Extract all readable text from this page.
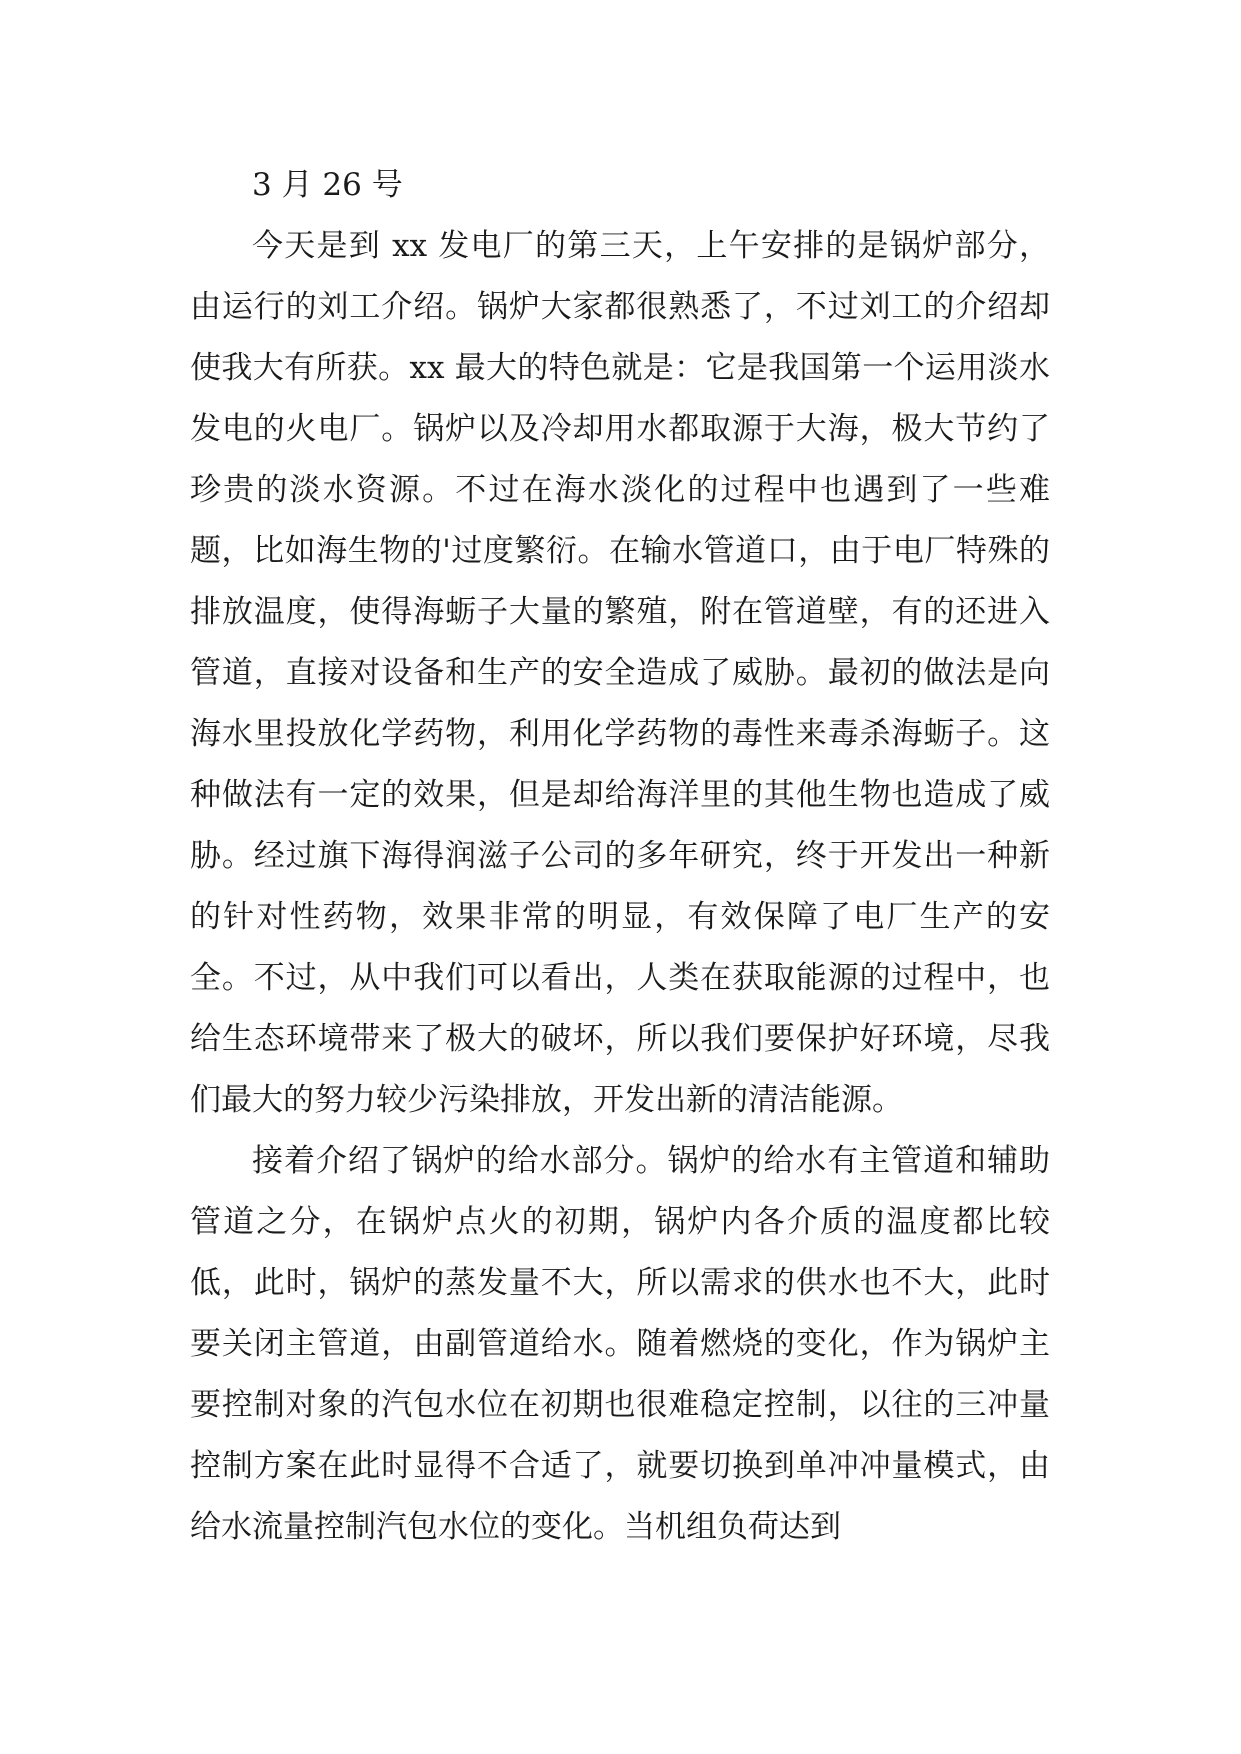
3 月 26 号

今天是到 xx 发电厂的第三天，上午安排的是锅炉部分，由运行的刘工介绍。锅炉大家都很熟悉了，不过刘工的介绍却使我大有所获。xx 最大的特色就是：它是我国第一个运用淡水发电的火电厂。锅炉以及冷却用水都取源于大海，极大节约了珍贵的淡水资源。不过在海水淡化的过程中也遇到了一些难题，比如海生物的'过度繁衍。在输水管道口，由于电厂特殊的排放温度，使得海蛎子大量的繁殖，附在管道壁，有的还进入管道，直接对设备和生产的安全造成了威胁。最初的做法是向海水里投放化学药物，利用化学药物的毒性来毒杀海蛎子。这种做法有一定的效果，但是却给海洋里的其他生物也造成了威胁。经过旗下海得润滋子公司的多年研究，终于开发出一种新的针对性药物，效果非常的明显，有效保障了电厂生产的安全。不过，从中我们可以看出，人类在获取能源的过程中，也给生态环境带来了极大的破坏，所以我们要保护好环境，尽我们最大的努力较少污染排放，开发出新的清洁能源。

接着介绍了锅炉的给水部分。锅炉的给水有主管道和辅助管道之分，在锅炉点火的初期，锅炉内各介质的温度都比较低，此时，锅炉的蒸发量不大，所以需求的供水也不大，此时要关闭主管道，由副管道给水。随着燃烧的变化，作为锅炉主要控制对象的汽包水位在初期也很难稳定控制，以往的三冲量控制方案在此时显得不合适了，就要切换到单冲冲量模式，由给水流量控制汽包水位的变化。当机组负荷达到
